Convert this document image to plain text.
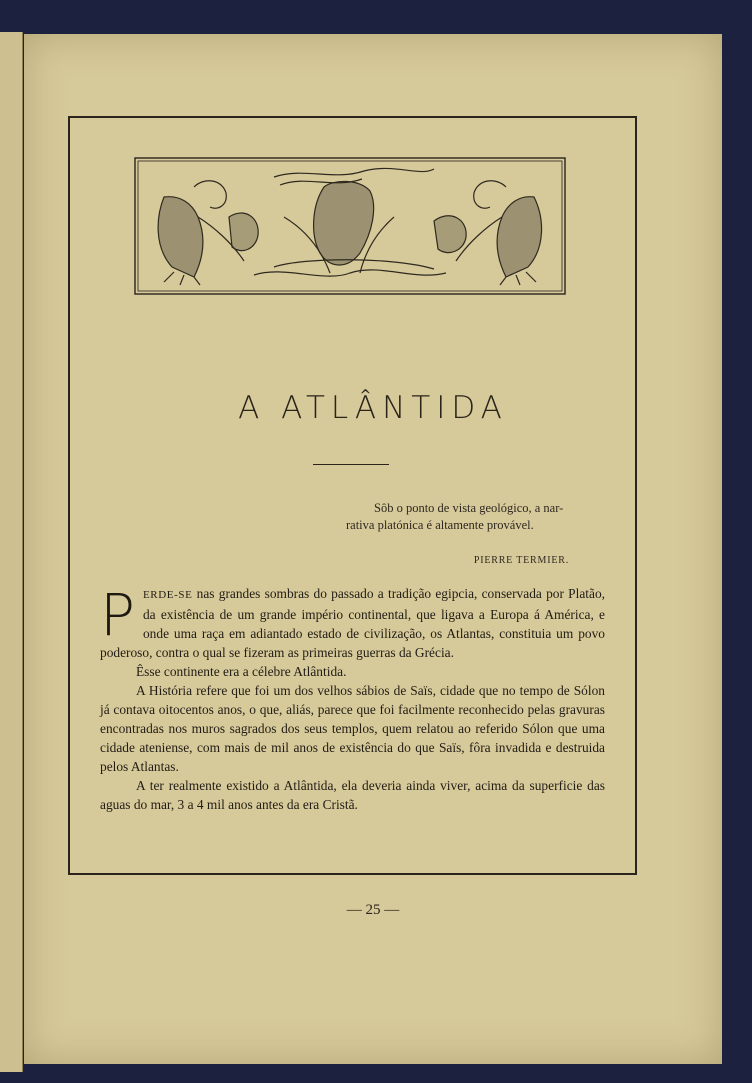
A ATLÂNTIDA
Sôb o ponto de vista geológico, a nar-
rativa platónica é altamente provável.
PIERRE TERMIER.
P ERDE-SE nas grandes sombras do passado a tradição egipcia, conservada por Platão, da existência de um grande império continental, que ligava a Europa á América, e onde uma raça em adiantado estado de civilização, os Atlantas, constituia um povo poderoso, contra o qual se fizeram as primeiras guerras da Grécia.

Êsse continente era a célebre Atlântida.

A História refere que foi um dos velhos sábios de Saïs, cidade que no tempo de Sólon já contava oitocentos anos, o que, aliás, parece que foi facilmente reconhecido pelas gravuras encontradas nos muros sagrados dos seus templos, quem relatou ao referido Sólon que uma cidade ateniense, com mais de mil anos de existência do que Saïs, fôra invadida e destruida pelos Atlantas.

A ter realmente existido a Atlântida, ela deveria ainda viver, acima da superficie das aguas do mar, 3 a 4 mil anos antes da era Cristã.

— 25 —
